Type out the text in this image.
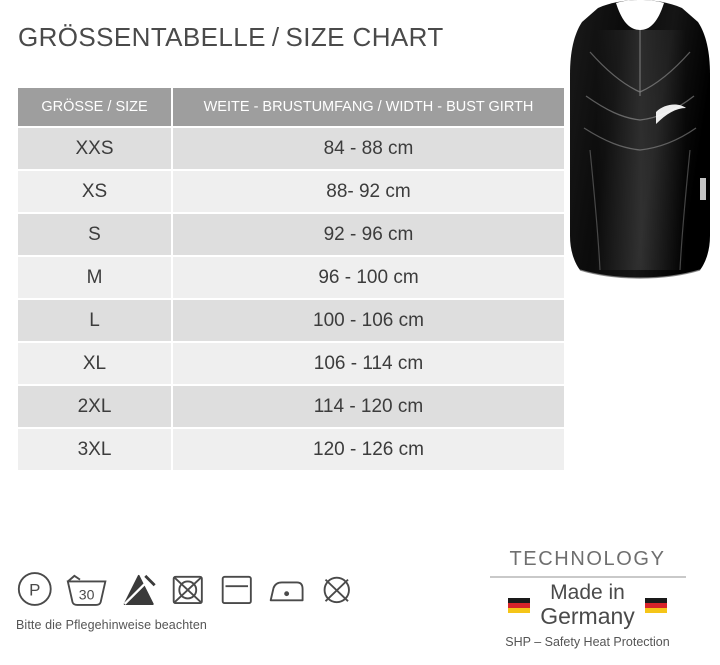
GRÖSSENTABELLE / SIZE CHART
GRÖSSE / SIZE	WEITE - BRUSTUMFANG / WIDTH - BUST GIRTH
XXS	84 - 88 cm
XS	88- 92 cm
S	92 - 96 cm
M	96 - 100 cm
L	100 - 106 cm
XL	106 - 114 cm
2XL	114 - 120 cm
3XL	120 - 126 cm
P	30
Bitte die Pflegehinweise beachten
TECHNOLOGY
Made in
Germany
SHP – Safety Heat Protection
